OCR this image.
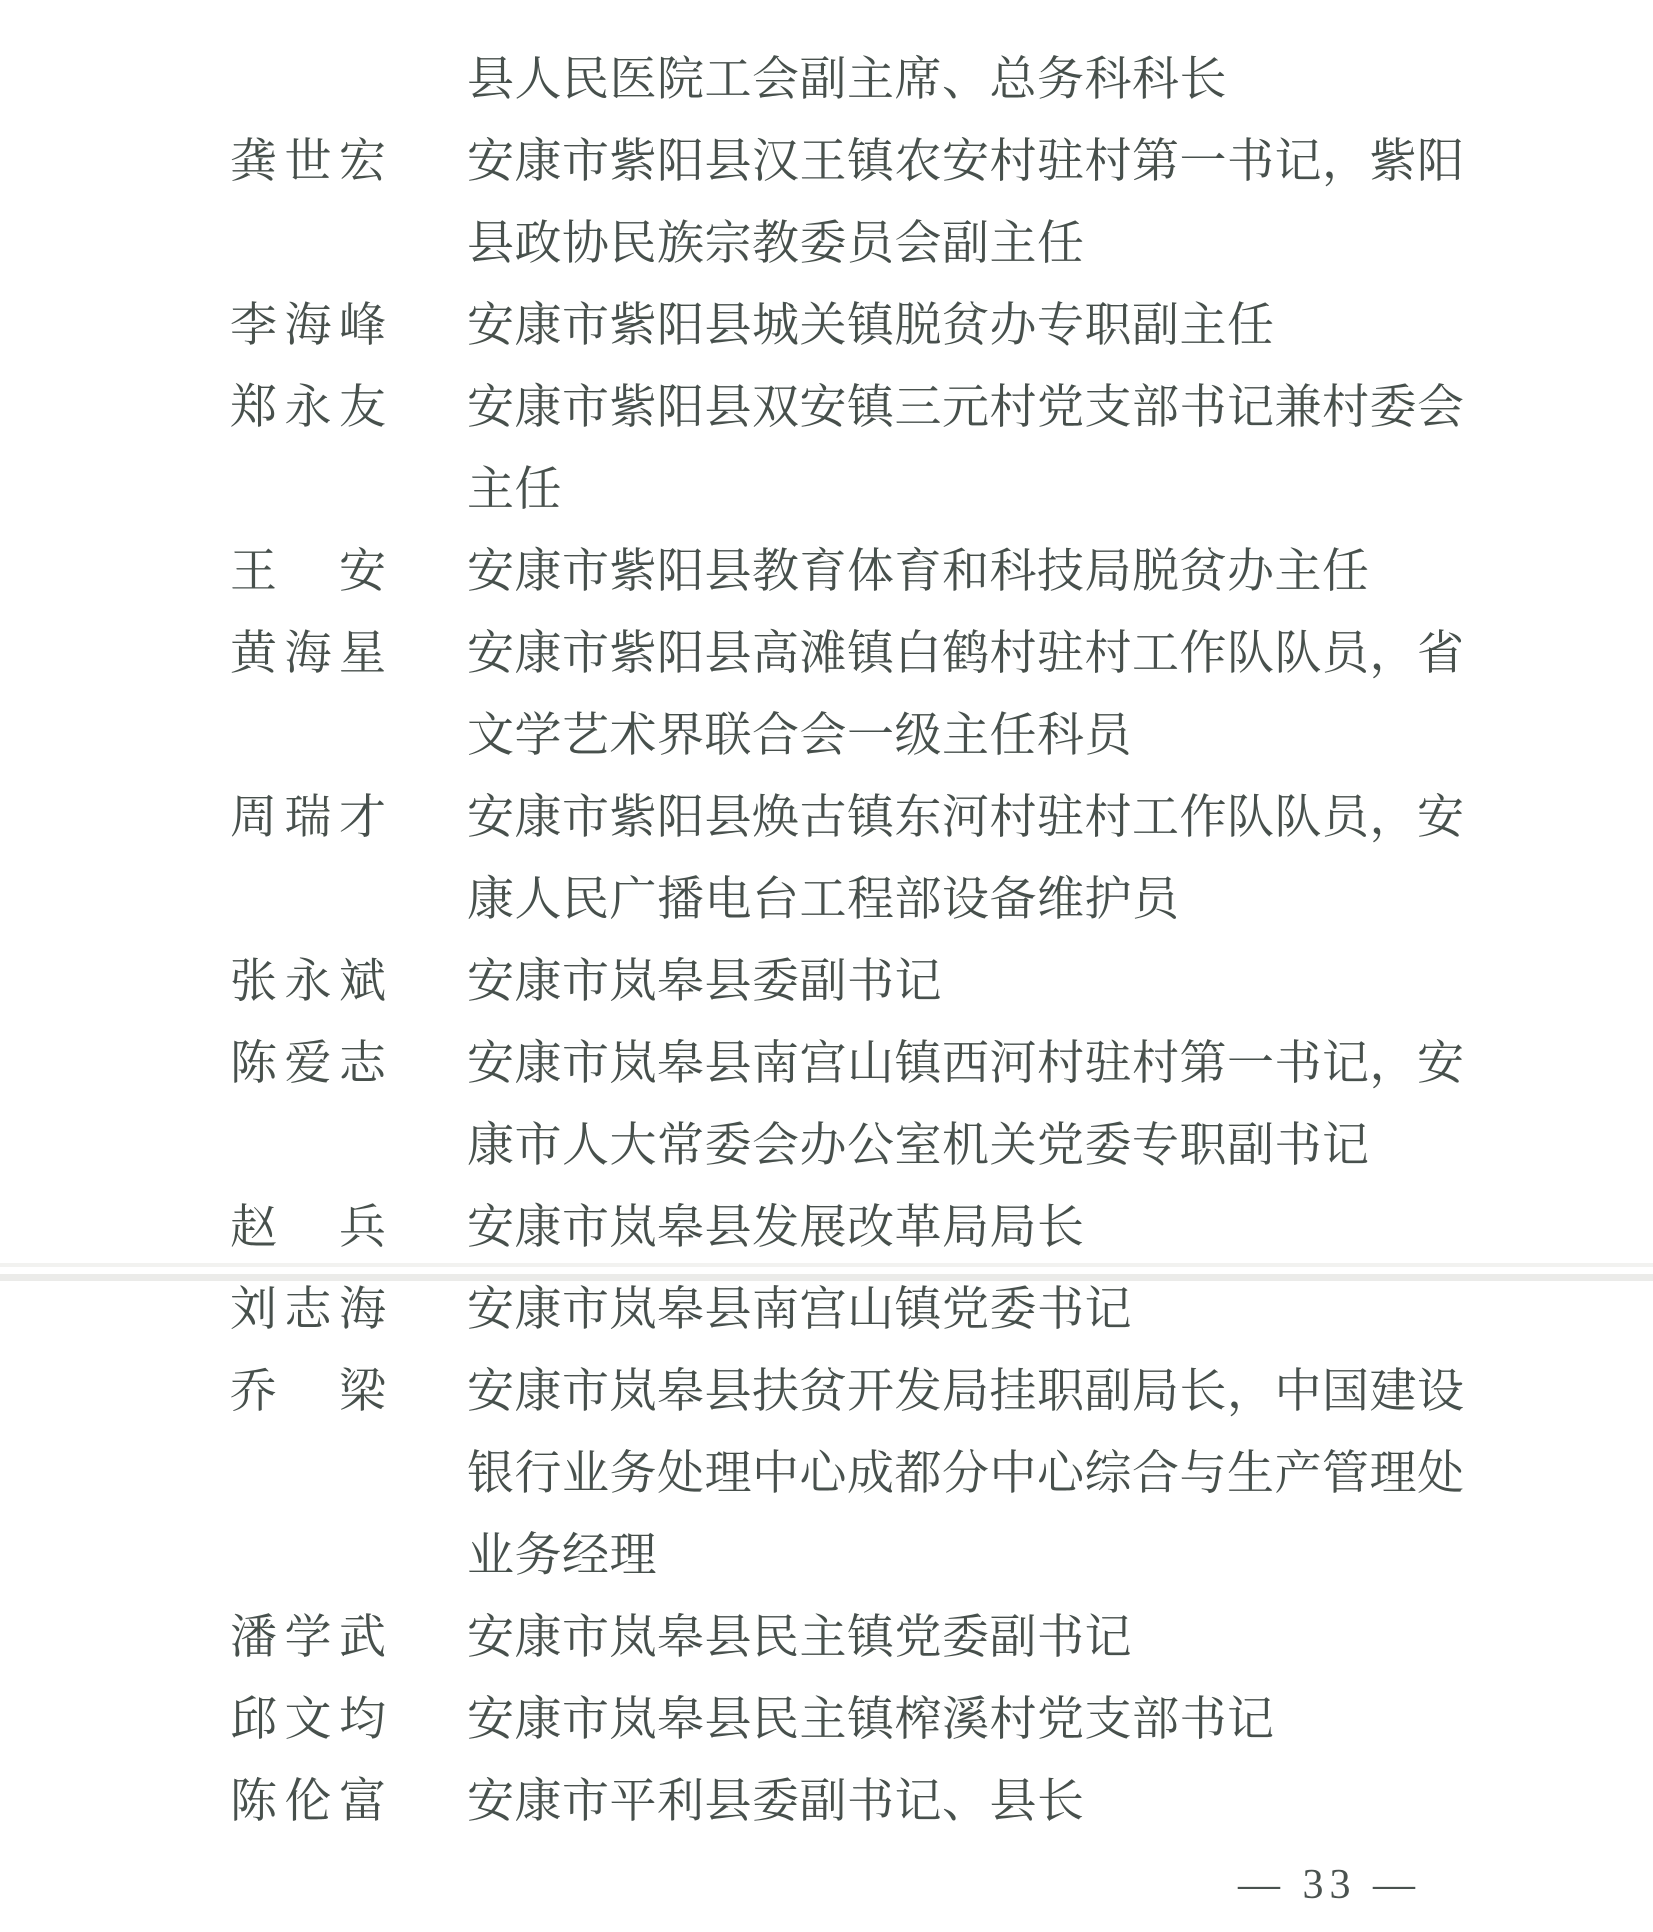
县人民医院工会副主席、总务科科长
龚世宏 安康市紫阳县汉王镇农安村驻村第一书记，紫阳
县政协民族宗教委员会副主任
李海峰 安康市紫阳县城关镇脱贫办专职副主任
郑永友 安康市紫阳县双安镇三元村党支部书记兼村委会
主任
王安 安康市紫阳县教育体育和科技局脱贫办主任
黄海星 安康市紫阳县高滩镇白鹤村驻村工作队队员，省
文学艺术界联合会一级主任科员
周瑞才 安康市紫阳县焕古镇东河村驻村工作队队员，安
康人民广播电台工程部设备维护员
张永斌 安康市岚皋县委副书记
陈爱志 安康市岚皋县南宫山镇西河村驻村第一书记，安
康市人大常委会办公室机关党委专职副书记
赵兵 安康市岚皋县发展改革局局长
刘志海 安康市岚皋县南宫山镇党委书记
乔梁 安康市岚皋县扶贫开发局挂职副局长，中国建设
银行业务处理中心成都分中心综合与生产管理处
业务经理
潘学武 安康市岚皋县民主镇党委副书记
邱文均 安康市岚皋县民主镇榨溪村党支部书记
陈伦富 安康市平利县委副书记、县长
— 33 —
